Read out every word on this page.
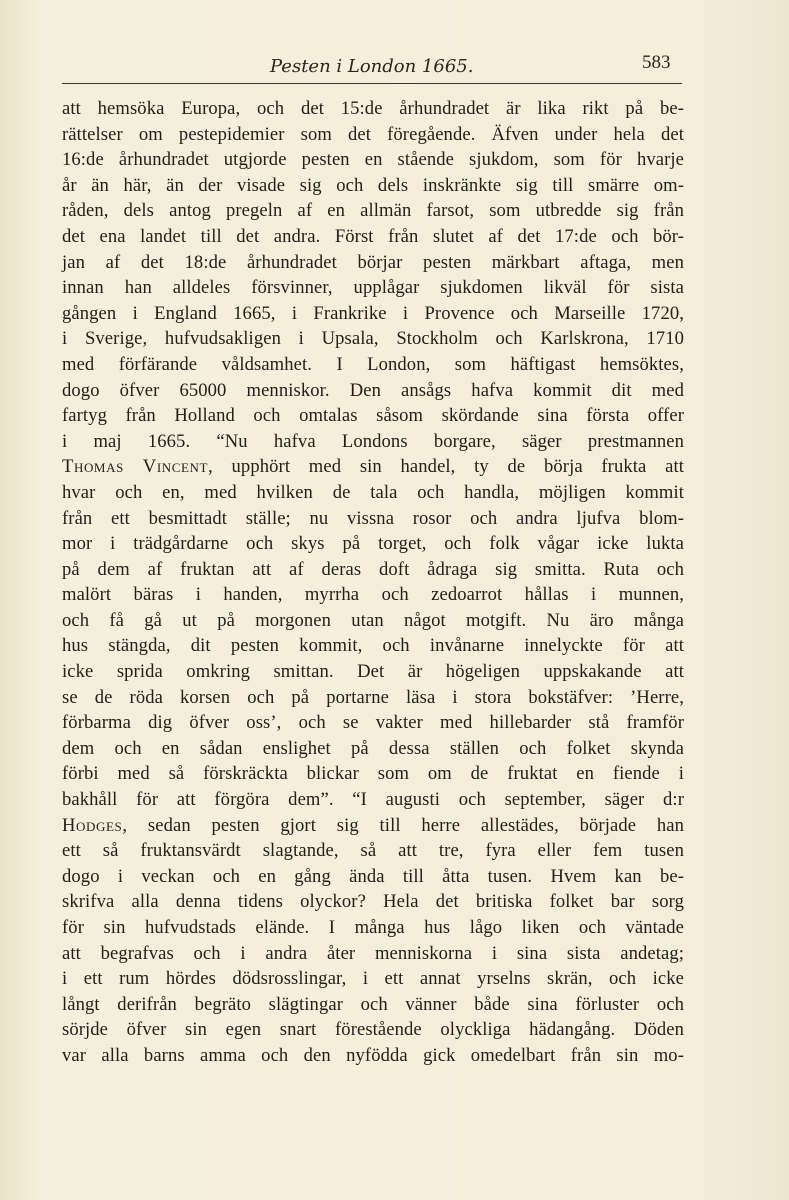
Pesten i London 1665.	583
att hemsöka Europa, och det 15:de århundradet är lika rikt på be-
rättelser om pestepidemier som det föregående. Äfven under hela det
16:de århundradet utgjorde pesten en stående sjukdom, som för hvarje
år än här, än der visade sig och dels inskränkte sig till smärre om-
råden, dels antog pregeln af en allmän farsot, som utbredde sig från
det ena landet till det andra. Först från slutet af det 17:de och bör-
jan af det 18:de århundradet börjar pesten märkbart aftaga, men
innan han alldeles försvinner, upplågar sjukdomen likväl för sista
gången i England 1665, i Frankrike i Provence och Marseille 1720,
i Sverige, hufvudsakligen i Upsala, Stockholm och Karlskrona, 1710
med förfärande våldsamhet. I London, som häftigast hemsöktes,
dogo öfver 65000 menniskor. Den ansågs hafva kommit dit med
fartyg från Holland och omtalas såsom skördande sina första offer
i maj 1665. “Nu hafva Londons borgare, säger prestmannen
Thomas Vincent, upphört med sin handel, ty de börja frukta att
hvar och en, med hvilken de tala och handla, möjligen kommit
från ett besmittadt ställe; nu vissna rosor och andra ljufva blom-
mor i trädgårdarne och skys på torget, och folk vågar icke lukta
på dem af fruktan att af deras doft ådraga sig smitta. Ruta och
malört bäras i handen, myrrha och zedoarrot hållas i munnen,
och få gå ut på morgonen utan något motgift. Nu äro många
hus stängda, dit pesten kommit, och invånarne innelyckte för att
icke sprida omkring smittan. Det är högeligen uppskakande att
se de röda korsen och på portarne läsa i stora bokstäfver: ’Herre,
förbarma dig öfver oss’, och se vakter med hillebarder stå framför
dem och en sådan enslighet på dessa ställen och folket skynda
förbi med så förskräckta blickar som om de fruktat en fiende i
bakhåll för att förgöra dem”. “I augusti och september, säger d:r
Hodges, sedan pesten gjort sig till herre allestädes, började han
ett så fruktansvärdt slagtande, så att tre, fyra eller fem tusen
dogo i veckan och en gång ända till åtta tusen. Hvem kan be-
skrifva alla denna tidens olyckor? Hela det britiska folket bar sorg
för sin hufvudstads elände. I många hus lågo liken och väntade
att begrafvas och i andra åter menniskorna i sina sista andetag;
i ett rum hördes dödsrosslingar, i ett annat yrselns skrän, och icke
långt derifrån begräto slägtingar och vänner både sina förluster och
sörjde öfver sin egen snart förestående olyckliga hädangång. Döden
var alla barns amma och den nyfödda gick omedelbart från sin mo-
